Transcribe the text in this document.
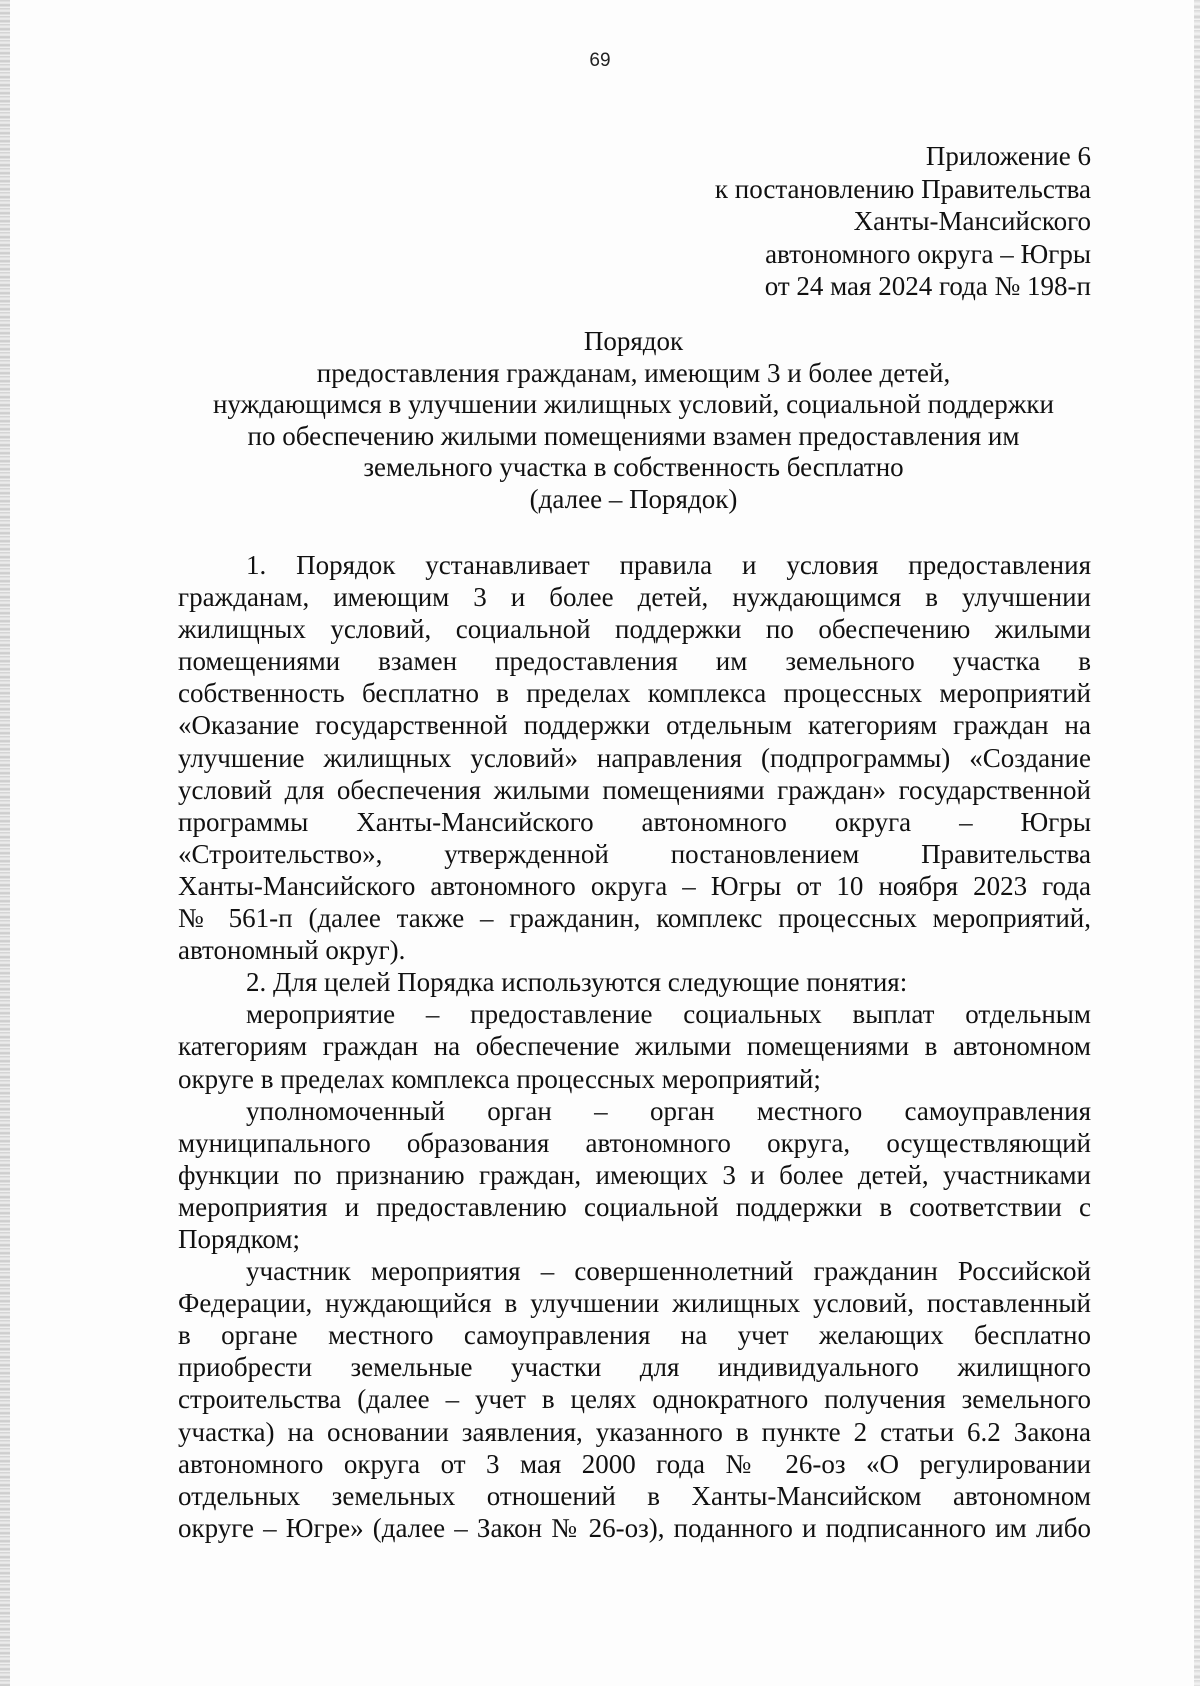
69
Приложение 6
к постановлению Правительства
Ханты-Мансийского
автономного округа – Югры
от 24 мая 2024 года № 198-п
Порядок
предоставления гражданам, имеющим 3 и более детей,
нуждающимся в улучшении жилищных условий, социальной поддержки
по обеспечению жилыми помещениями взамен предоставления им
земельного участка в собственность бесплатно
(далее – Порядок)
1. Порядок устанавливает правила и условия предоставления
гражданам, имеющим 3 и более детей, нуждающимся в улучшении
жилищных условий, социальной поддержки по обеспечению жилыми
помещениями взамен предоставления им земельного участка в
собственность бесплатно в пределах комплекса процессных мероприятий
«Оказание государственной поддержки отдельным категориям граждан на
улучшение жилищных условий» направления (подпрограммы) «Создание
условий для обеспечения жилыми помещениями граждан» государственной
программы Ханты-Мансийского автономного округа – Югры
«Строительство», утвержденной постановлением Правительства
Ханты-Мансийского автономного округа – Югры от 10 ноября 2023 года
№ 561-п (далее также – гражданин, комплекс процессных мероприятий,
автономный округ).
2. Для целей Порядка используются следующие понятия:
мероприятие – предоставление социальных выплат отдельным
категориям граждан на обеспечение жилыми помещениями в автономном
округе в пределах комплекса процессных мероприятий;
уполномоченный орган – орган местного самоуправления
муниципального образования автономного округа, осуществляющий
функции по признанию граждан, имеющих 3 и более детей, участниками
мероприятия и предоставлению социальной поддержки в соответствии с
Порядком;
участник мероприятия – совершеннолетний гражданин Российской
Федерации, нуждающийся в улучшении жилищных условий, поставленный
в органе местного самоуправления на учет желающих бесплатно
приобрести земельные участки для индивидуального жилищного
строительства (далее – учет в целях однократного получения земельного
участка) на основании заявления, указанного в пункте 2 статьи 6.2 Закона
автономного округа от 3 мая 2000 года № 26-оз «О регулировании
отдельных земельных отношений в Ханты-Мансийском автономном
округе – Югре» (далее – Закон № 26-оз), поданного и подписанного им либо
